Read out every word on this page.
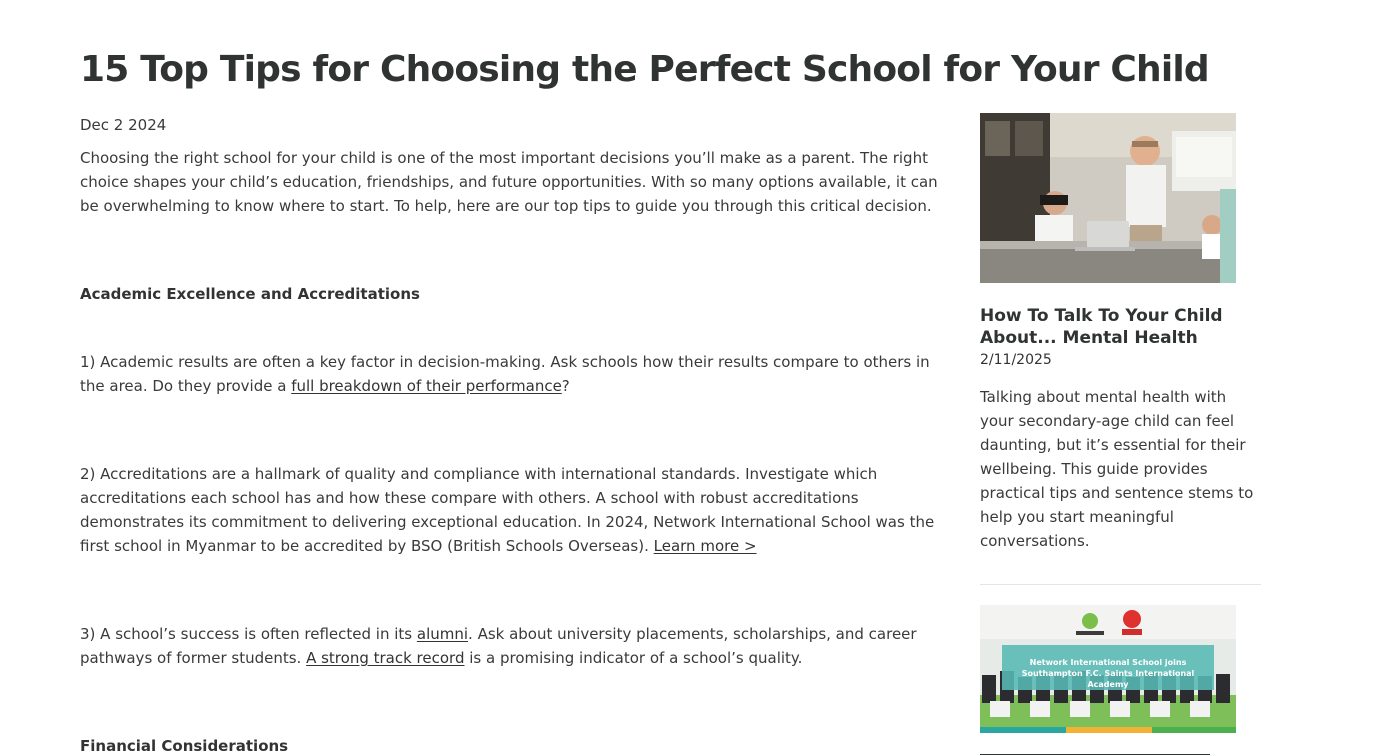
15 Top Tips for Choosing the Perfect School for Your Child

Dec 2 2024

Choosing the right school for your child is one of the most important decisions you’ll make as a parent. The right choice shapes your child’s education, friendships, and future opportunities. With so many options available, it can be overwhelming to know where to start. To help, here are our top tips to guide you through this critical decision.

Academic Excellence and Accreditations

1) Academic results are often a key factor in decision-making. Ask schools how their results compare to others in the area. Do they provide a full breakdown of their performance?

2) Accreditations are a hallmark of quality and compliance with international standards. Investigate which accreditations each school has and how these compare with others. A school with robust accreditations demonstrates its commitment to delivering exceptional education. In 2024, Network International School was the first school in Myanmar to be accredited by BSO (British Schools Overseas). Learn more >

3) A school’s success is often reflected in its alumni. Ask about university placements, scholarships, and career pathways of former students. A strong track record is a promising indicator of a school’s quality.

Financial Considerations

How To Talk To Your Child About... Mental Health

2/11/2025

Talking about mental health with your secondary-age child can feel daunting, but it’s essential for their wellbeing. This guide provides practical tips and sentence stems to help you start meaningful conversations.

Network International School joins
Southampton F.C. Saints International Academy
